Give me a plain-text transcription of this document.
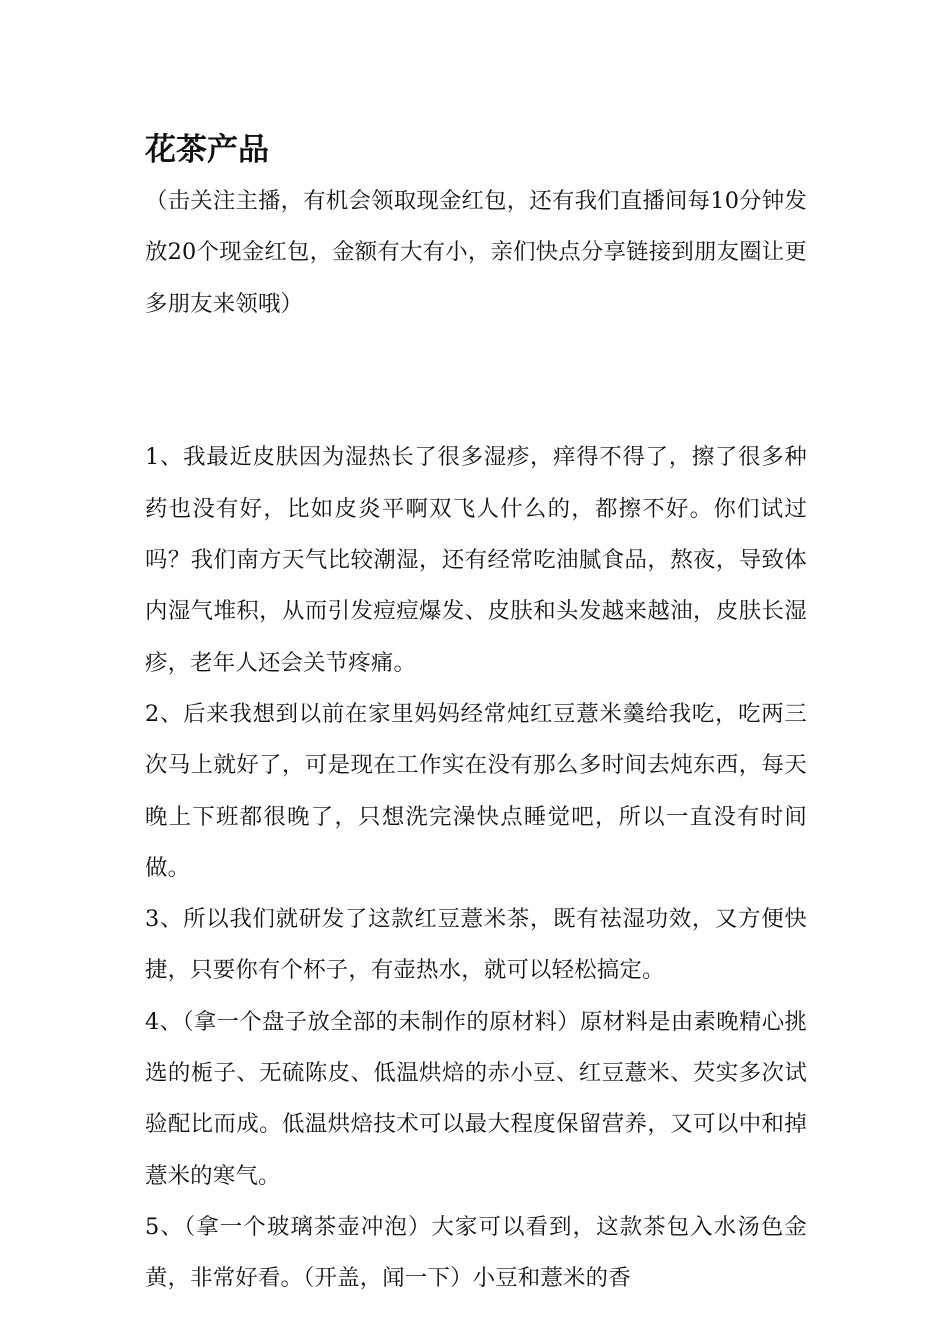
花茶产品

（击关注主播，有机会领取现金红包，还有我们直播间每10分钟发放20个现金红包，金额有大有小，亲们快点分享链接到朋友圈让更多朋友来领哦）

1、我最近皮肤因为湿热长了很多湿疹，痒得不得了，擦了很多种药也没有好，比如皮炎平啊双飞人什么的，都擦不好。你们试过吗？我们南方天气比较潮湿，还有经常吃油腻食品，熬夜，导致体内湿气堆积，从而引发痘痘爆发、皮肤和头发越来越油，皮肤长湿疹，老年人还会关节疼痛。

2、后来我想到以前在家里妈妈经常炖红豆薏米羹给我吃，吃两三次马上就好了，可是现在工作实在没有那么多时间去炖东西，每天晚上下班都很晚了，只想洗完澡快点睡觉吧，所以一直没有时间做。

3、所以我们就研发了这款红豆薏米茶，既有祛湿功效，又方便快捷，只要你有个杯子，有壶热水，就可以轻松搞定。

4、（拿一个盘子放全部的未制作的原材料）原材料是由素晚精心挑选的栀子、无硫陈皮、低温烘焙的赤小豆、红豆薏米、芡实多次试验配比而成。低温烘焙技术可以最大程度保留营养，又可以中和掉薏米的寒气。

5、（拿一个玻璃茶壶冲泡）大家可以看到，这款茶包入水汤色金黄，非常好看。（开盖，闻一下）小豆和薏米的香
